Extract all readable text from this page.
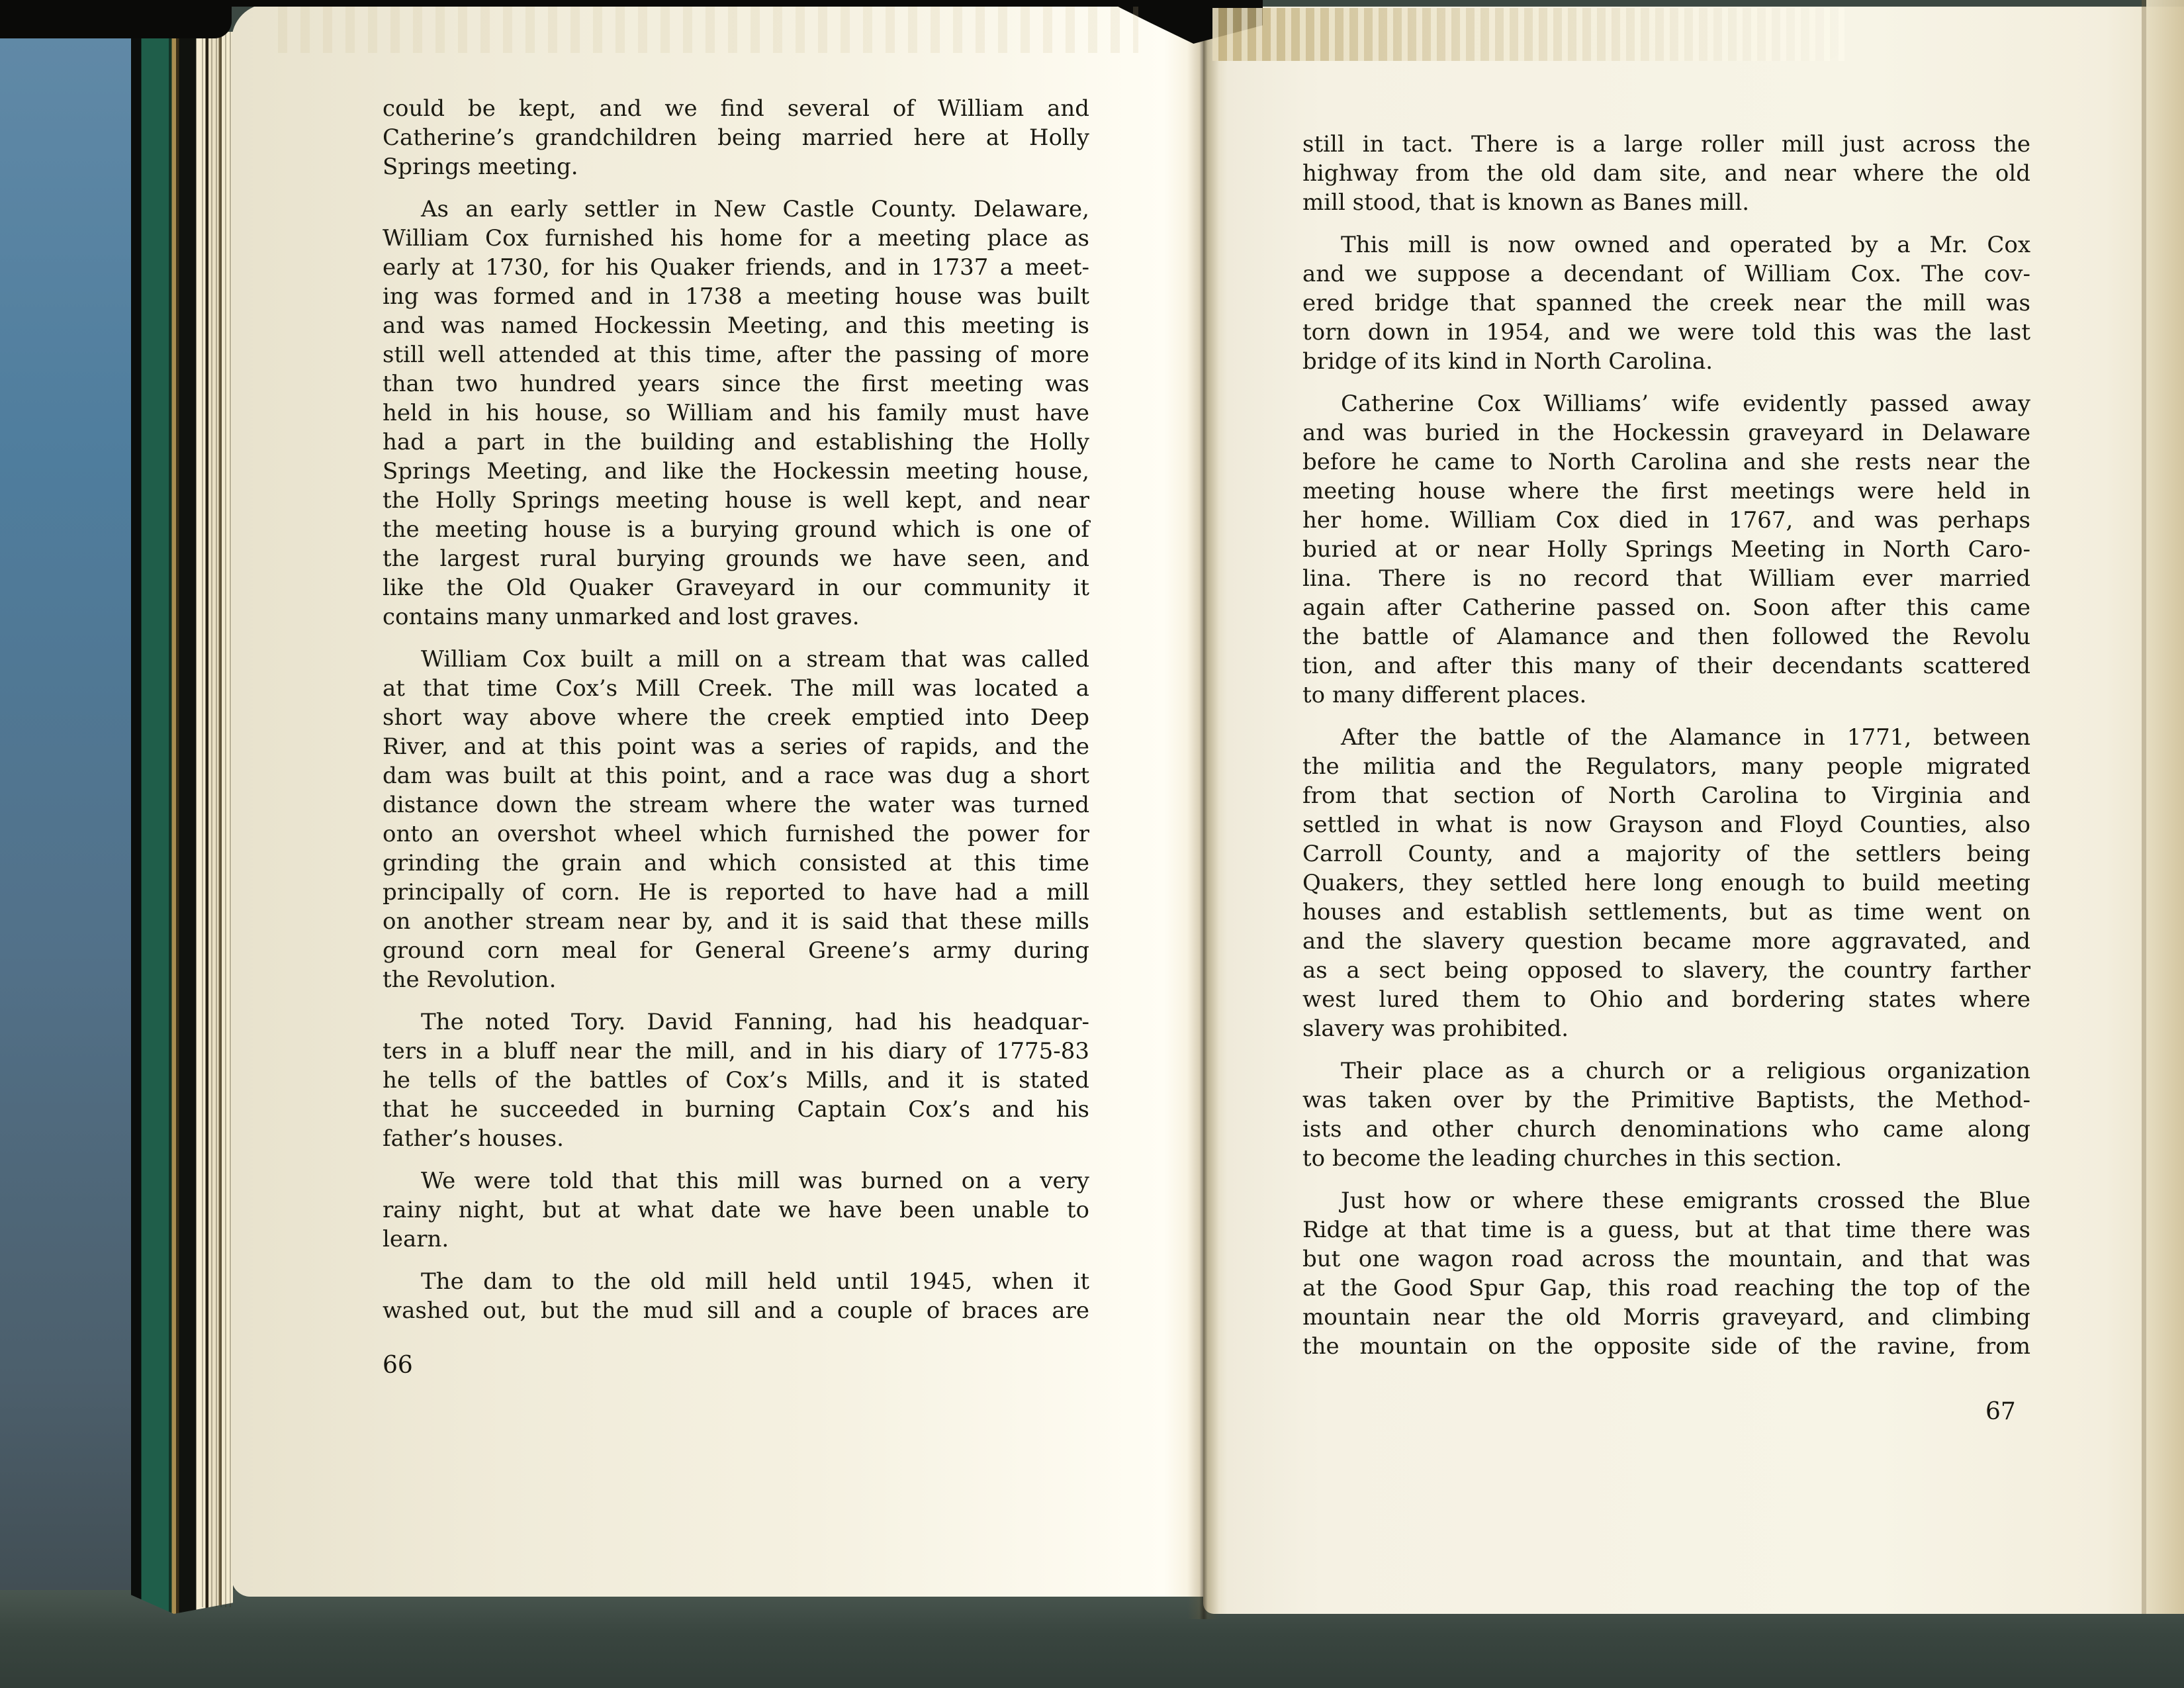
could be kept, and we find several of William and
Catherine’s grandchildren being married here at Holly
Springs meeting.
As an early settler in New Castle County. Delaware,
William Cox furnished his home for a meeting place as
early at 1730, for his Quaker friends, and in 1737 a meet-
ing was formed and in 1738 a meeting house was built
and was named Hockessin Meeting, and this meeting is
still well attended at this time, after the passing of more
than two hundred years since the first meeting was
held in his house, so William and his family must have
had a part in the building and establishing the Holly
Springs Meeting, and like the Hockessin meeting house,
the Holly Springs meeting house is well kept, and near
the meeting house is a burying ground which is one of
the largest rural burying grounds we have seen, and
like the Old Quaker Graveyard in our community it
contains many unmarked and lost graves.
William Cox built a mill on a stream that was called
at that time Cox’s Mill Creek. The mill was located a
short way above where the creek emptied into Deep
River, and at this point was a series of rapids, and the
dam was built at this point, and a race was dug a short
distance down the stream where the water was turned
onto an overshot wheel which furnished the power for
grinding the grain and which consisted at this time
principally of corn. He is reported to have had a mill
on another stream near by, and it is said that these mills
ground corn meal for General Greene’s army during
the Revolution.
The noted Tory. David Fanning, had his headquar-
ters in a bluff near the mill, and in his diary of 1775-83
he tells of the battles of Cox’s Mills, and it is stated
that he succeeded in burning Captain Cox’s and his
father’s houses.
We were told that this mill was burned on a very
rainy night, but at what date we have been unable to
learn.
The dam to the old mill held until 1945, when it
washed out, but the mud sill and a couple of braces are
still in tact. There is a large roller mill just across the
highway from the old dam site, and near where the old
mill stood, that is known as Banes mill.
This mill is now owned and operated by a Mr. Cox
and we suppose a decendant of William Cox. The cov-
ered bridge that spanned the creek near the mill was
torn down in 1954, and we were told this was the last
bridge of its kind in North Carolina.
Catherine Cox Williams’ wife evidently passed away
and was buried in the Hockessin graveyard in Delaware
before he came to North Carolina and she rests near the
meeting house where the first meetings were held in
her home. William Cox died in 1767, and was perhaps
buried at or near Holly Springs Meeting in North Caro-
lina. There is no record that William ever married
again after Catherine passed on. Soon after this came
the battle of Alamance and then followed the Revolu
tion, and after this many of their decendants scattered
to many different places.
After the battle of the Alamance in 1771, between
the militia and the Regulators, many people migrated
from that section of North Carolina to Virginia and
settled in what is now Grayson and Floyd Counties, also
Carroll County, and a majority of the settlers being
Quakers, they settled here long enough to build meeting
houses and establish settlements, but as time went on
and the slavery question became more aggravated, and
as a sect being opposed to slavery, the country farther
west lured them to Ohio and bordering states where
slavery was prohibited.
Their place as a church or a religious organization
was taken over by the Primitive Baptists, the Method-
ists and other church denominations who came along
to become the leading churches in this section.
Just how or where these emigrants crossed the Blue
Ridge at that time is a guess, but at that time there was
but one wagon road across the mountain, and that was
at the Good Spur Gap, this road reaching the top of the
mountain near the old Morris graveyard, and climbing
the mountain on the opposite side of the ravine, from
66
67
